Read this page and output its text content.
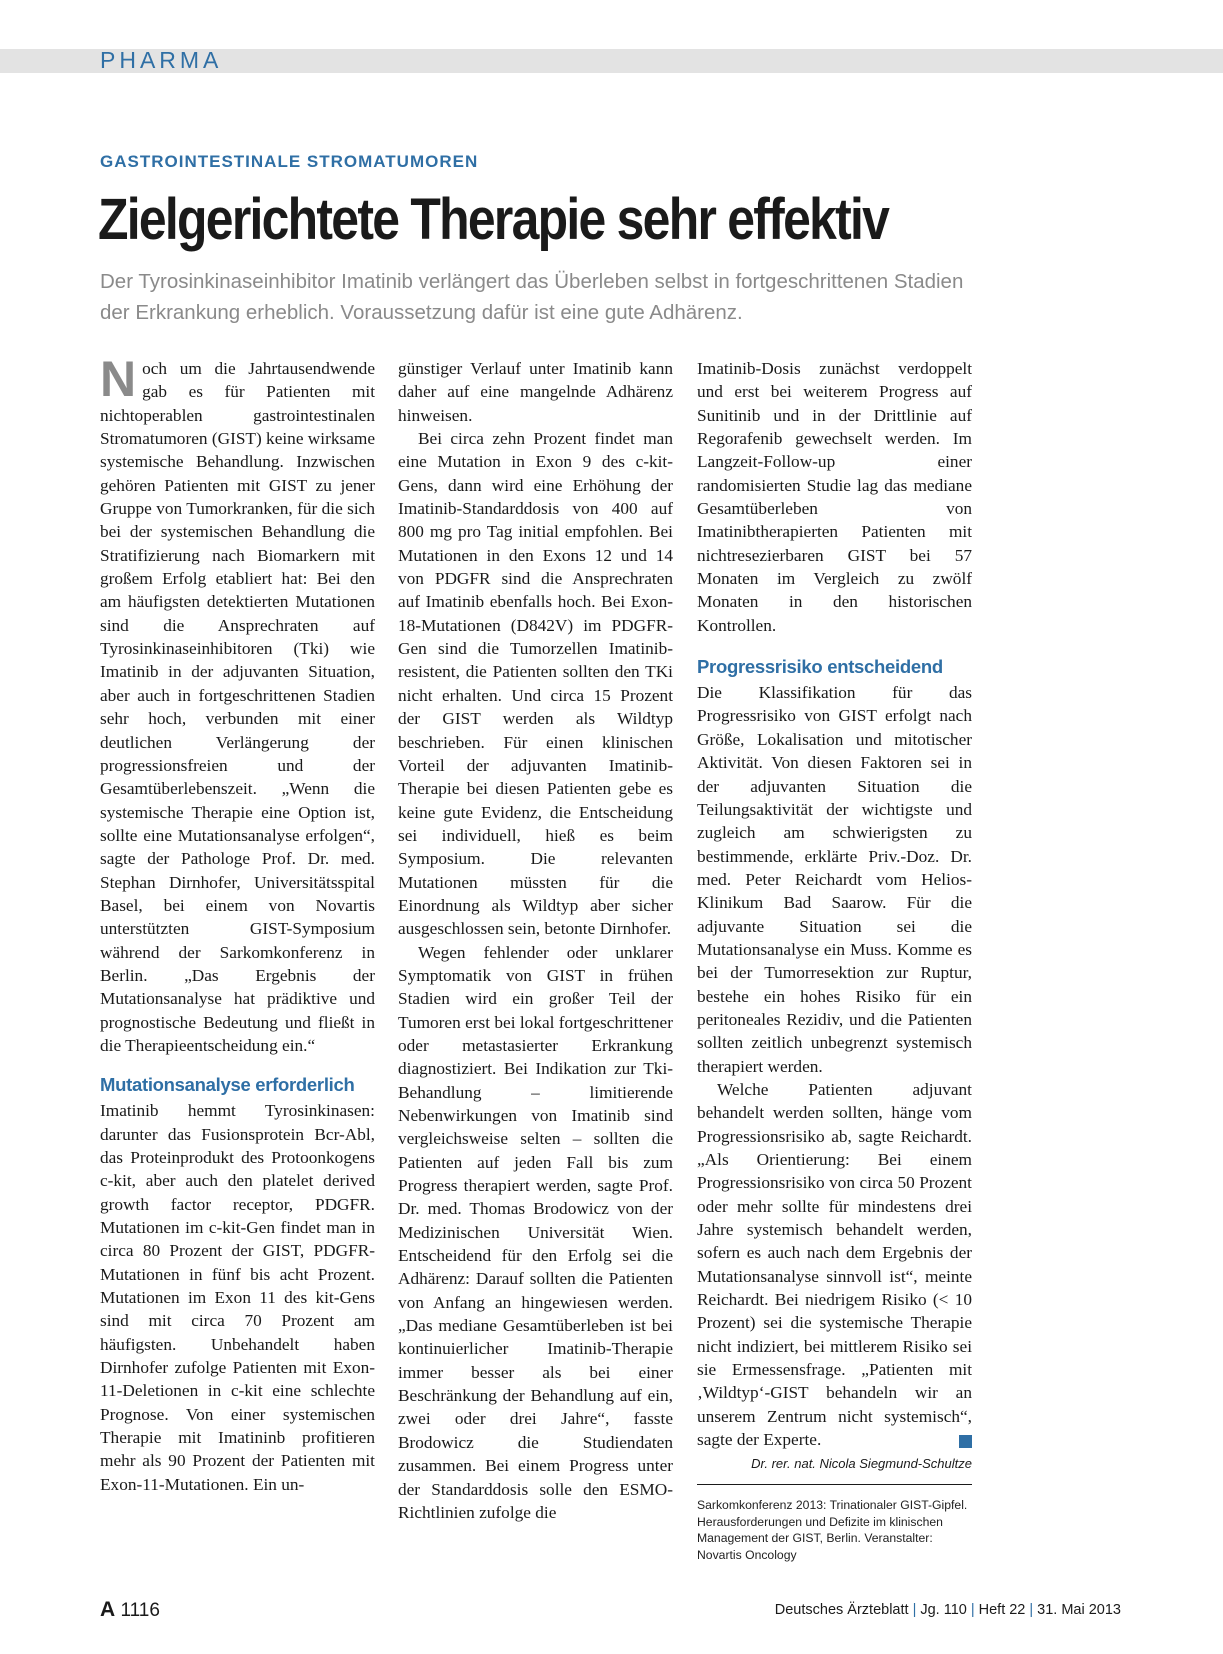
PHARMA
GASTROINTESTINALE STROMATUMOREN
Zielgerichtete Therapie sehr effektiv
Der Tyrosinkinaseinhibitor Imatinib verlängert das Überleben selbst in fortgeschrittenen Stadien der Erkrankung erheblich. Voraussetzung dafür ist eine gute Adhärenz.

Noch um die Jahrtausendwende gab es für Patienten mit nichtoperablen gastrointestinalen Stromatumoren (GIST) keine wirksame systemische Behandlung. Inzwischen gehören Patienten mit GIST zu jener Gruppe von Tumorkranken, für die sich bei der systemischen Behandlung die Stratifizierung nach Biomarkern mit großem Erfolg etabliert hat: Bei den am häufigsten detektierten Mutationen sind die Ansprechraten auf Tyrosinkinaseinhibitoren (Tki) wie Imatinib in der adjuvanten Situation, aber auch in fortgeschrittenen Stadien sehr hoch, verbunden mit einer deutlichen Verlängerung der progressionsfreien und der Gesamtüberlebenszeit. „Wenn die systemische Therapie eine Option ist, sollte eine Mutationsanalyse erfolgen“, sagte der Pathologe Prof. Dr. med. Stephan Dirnhofer, Universitätsspital Basel, bei einem von Novartis unterstützten GIST-Symposium während der Sarkomkonferenz in Berlin. „Das Ergebnis der Mutationsanalyse hat prädiktive und prognostische Bedeutung und fließt in die Therapieentscheidung ein.“

Mutationsanalyse erforderlich

Imatinib hemmt Tyrosinkinasen: darunter das Fusionsprotein Bcr-Abl, das Proteinprodukt des Protoonkogens c-kit, aber auch den platelet derived growth factor receptor, PDGFR. Mutationen im c-kit-Gen findet man in circa 80 Prozent der GIST, PDGFR-Mutationen in fünf bis acht Prozent. Mutationen im Exon 11 des kit-Gens sind mit circa 70 Prozent am häufigsten. Unbehandelt haben Dirnhofer zufolge Patienten mit Exon-11-Deletionen in c-kit eine schlechte Prognose. Von einer systemischen Therapie mit Imatininb profitieren mehr als 90 Prozent der Patienten mit Exon-11-Mutationen. Ein un-

günstiger Verlauf unter Imatinib kann daher auf eine mangelnde Adhärenz hinweisen.

Bei circa zehn Prozent findet man eine Mutation in Exon 9 des c-kit-Gens, dann wird eine Erhöhung der Imatinib-Standarddosis von 400 auf 800 mg pro Tag initial empfohlen. Bei Mutationen in den Exons 12 und 14 von PDGFR sind die Ansprechraten auf Imatinib ebenfalls hoch. Bei Exon-18-Mutationen (D842V) im PDGFR-Gen sind die Tumorzellen Imatinib-resistent, die Patienten sollten den TKi nicht erhalten. Und circa 15 Prozent der GIST werden als Wildtyp beschrieben. Für einen klinischen Vorteil der adjuvanten Imatinib-Therapie bei diesen Patienten gebe es keine gute Evidenz, die Entscheidung sei individuell, hieß es beim Symposium. Die relevanten Mutationen müssten für die Einordnung als Wildtyp aber sicher ausgeschlossen sein, betonte Dirnhofer.

Wegen fehlender oder unklarer Symptomatik von GIST in frühen Stadien wird ein großer Teil der Tumoren erst bei lokal fortgeschrittener oder metastasierter Erkrankung diagnostiziert. Bei Indikation zur Tki-Behandlung – limitierende Nebenwirkungen von Imatinib sind vergleichsweise selten – sollten die Patienten auf jeden Fall bis zum Progress therapiert werden, sagte Prof. Dr. med. Thomas Brodowicz von der Medizinischen Universität Wien. Entscheidend für den Erfolg sei die Adhärenz: Darauf sollten die Patienten von Anfang an hingewiesen werden. „Das mediane Gesamtüberleben ist bei kontinuierlicher Imatinib-Therapie immer besser als bei einer Beschränkung der Behandlung auf ein, zwei oder drei Jahre“, fasste Brodowicz die Studiendaten zusammen. Bei einem Progress unter der Standarddosis solle den ESMO-Richtlinien zufolge die

Imatinib-Dosis zunächst verdoppelt und erst bei weiterem Progress auf Sunitinib und in der Drittlinie auf Regorafenib gewechselt werden. Im Langzeit-Follow-up einer randomisierten Studie lag das mediane Gesamtüberleben von Imatinibtherapierten Patienten mit nichtresezierbaren GIST bei 57 Monaten im Vergleich zu zwölf Monaten in den historischen Kontrollen.

Progressrisiko entscheidend

Die Klassifikation für das Progressrisiko von GIST erfolgt nach Größe, Lokalisation und mitotischer Aktivität. Von diesen Faktoren sei in der adjuvanten Situation die Teilungsaktivität der wichtigste und zugleich am schwierigsten zu bestimmende, erklärte Priv.-Doz. Dr. med. Peter Reichardt vom Helios-Klinikum Bad Saarow. Für die adjuvante Situation sei die Mutationsanalyse ein Muss. Komme es bei der Tumorresektion zur Ruptur, bestehe ein hohes Risiko für ein peritoneales Rezidiv, und die Patienten sollten zeitlich unbegrenzt systemisch therapiert werden.

Welche Patienten adjuvant behandelt werden sollten, hänge vom Progressionsrisiko ab, sagte Reichardt. „Als Orientierung: Bei einem Progressionsrisiko von circa 50 Prozent oder mehr sollte für mindestens drei Jahre systemisch behandelt werden, sofern es auch nach dem Ergebnis der Mutationsanalyse sinnvoll ist“, meinte Reichardt. Bei niedrigem Risiko (< 10 Prozent) sei die systemische Therapie nicht indiziert, bei mittlerem Risiko sei sie Ermessensfrage. „Patienten mit ‚Wildtyp‘-GIST behandeln wir an unserem Zentrum nicht systemisch“, sagte der Experte.

Dr. rer. nat. Nicola Siegmund-Schultze
Sarkomkonferenz 2013: Trinationaler GIST-Gipfel. Herausforderungen und Defizite im klinischen Management der GIST, Berlin. Veranstalter: Novartis Oncology
A 1116	Deutsches Ärzteblatt | Jg. 110 | Heft 22 | 31. Mai 2013
